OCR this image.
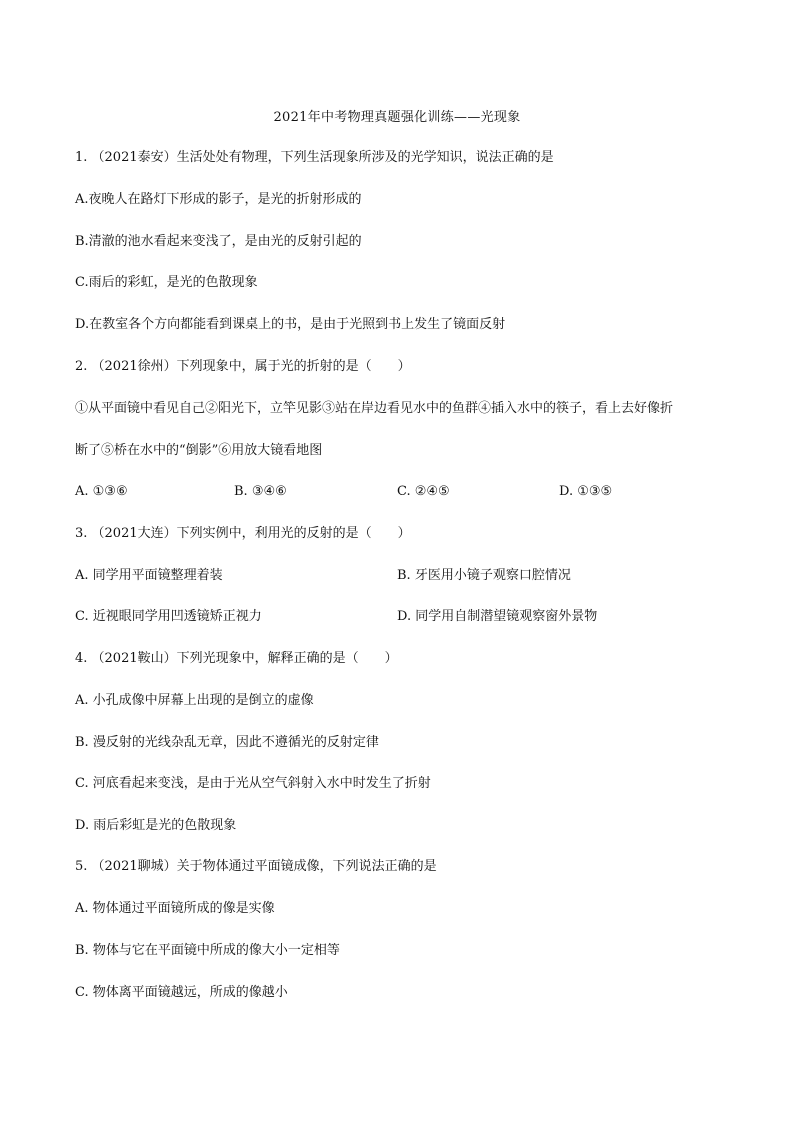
2021年中考物理真题强化训练——光现象
1. （2021泰安）生活处处有物理，下列生活现象所涉及的光学知识，说法正确的是
A.夜晚人在路灯下形成的影子，是光的折射形成的
B.清澈的池水看起来变浅了，是由光的反射引起的
C.雨后的彩虹，是光的色散现象
D.在教室各个方向都能看到课桌上的书，是由于光照到书上发生了镜面反射
2. （2021徐州）下列现象中，属于光的折射的是（　　）
①从平面镜中看见自己②阳光下，立竿见影③站在岸边看见水中的鱼群④插入水中的筷子，看上去好像折
断了⑤桥在水中的“倒影”⑥用放大镜看地图
A. ①③⑥	B. ③④⑥	C. ②④⑤	D. ①③⑤
3. （2021大连）下列实例中，利用光的反射的是（　　）
A. 同学用平面镜整理着装	B. 牙医用小镜子观察口腔情况
C. 近视眼同学用凹透镜矫正视力	D. 同学用自制潜望镜观察窗外景物
4. （2021鞍山）下列光现象中，解释正确的是（　　）
A. 小孔成像中屏幕上出现的是倒立的虚像
B. 漫反射的光线杂乱无章，因此不遵循光的反射定律
C. 河底看起来变浅，是由于光从空气斜射入水中时发生了折射
D. 雨后彩虹是光的色散现象
5. （2021聊城）关于物体通过平面镜成像，下列说法正确的是
A. 物体通过平面镜所成的像是实像
B. 物体与它在平面镜中所成的像大小一定相等
C. 物体离平面镜越远，所成的像越小
